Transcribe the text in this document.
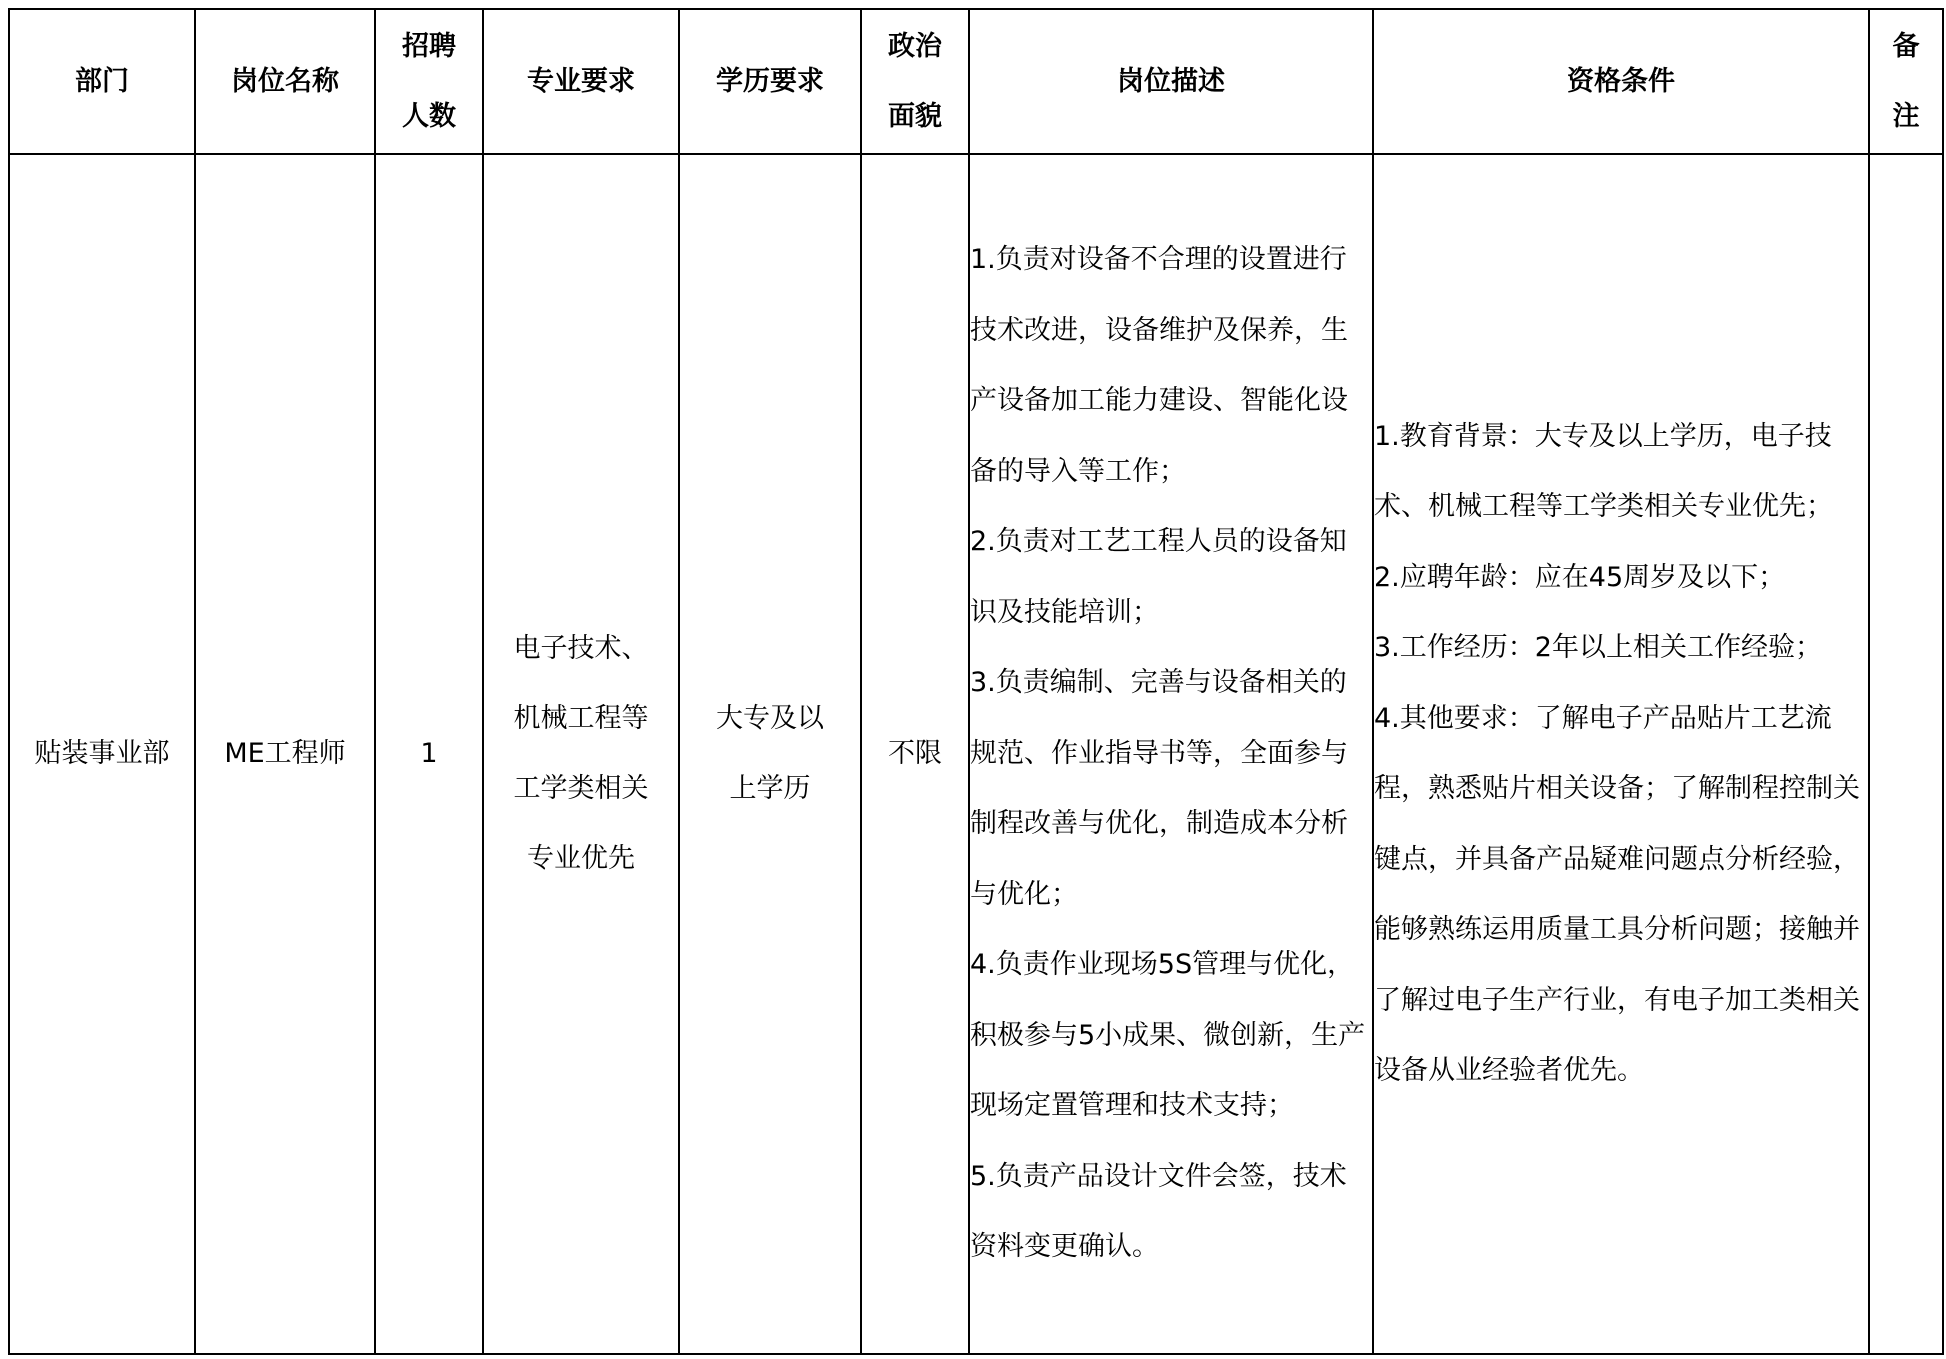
部门	岗位名称	招聘人数	专业要求	学历要求	政治面貌	岗位描述	资格条件	备注
贴装事业部	ME工程师	1	电子技术、机械工程等工学类相关专业优先	大专及以上学历	不限	1.负责对设备不合理的设置进行技术改进，设备维护及保养，生产设备加工能力建设、智能化设备的导入等工作；
2.负责对工艺工程人员的设备知识及技能培训；
3.负责编制、完善与设备相关的规范、作业指导书等，全面参与制程改善与优化，制造成本分析与优化；
4.负责作业现场5S管理与优化，积极参与5小成果、微创新，生产现场定置管理和技术支持；
5.负责产品设计文件会签，技术资料变更确认。	1.教育背景：大专及以上学历，电子技术、机械工程等工学类相关专业优先；
2.应聘年龄：应在45周岁及以下；
3.工作经历：2年以上相关工作经验；
4.其他要求：了解电子产品贴片工艺流程，熟悉贴片相关设备；了解制程控制关键点，并具备产品疑难问题点分析经验，能够熟练运用质量工具分析问题；接触并了解过电子生产行业，有电子加工类相关设备从业经验者优先。	
